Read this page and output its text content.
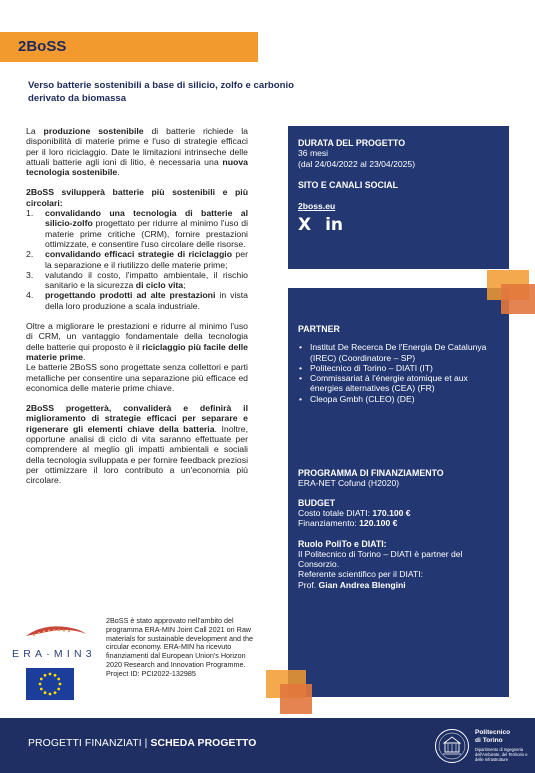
2BoSS
Verso batterie sostenibili a base di silicio, zolfo e carbonio derivato da biomassa

La produzione sostenibile di batterie richiede la disponibilità di materie prime e l'uso di strategie efficaci per il loro riciclaggio. Date le limitazioni intrinseche delle attuali batterie agli ioni di litio, è necessaria una nuova tecnologia sostenibile.

2BoSS svilupperà batterie più sostenibili e più circolari:

1. convalidando una tecnologia di batterie al silicio-zolfo progettato per ridurre al minimo l'uso di materie prime critiche (CRM), fornire prestazioni ottimizzate, e consentire l'uso circolare delle risorse.
2. convalidando efficaci strategie di riciclaggio per la separazione e il riutilizzo delle materie prime;
3. valutando il costo, l'impatto ambientale, il rischio sanitario e la sicurezza di ciclo vita;
4. progettando prodotti ad alte prestazioni in vista della loro produzione a scala industriale.

Oltre a migliorare le prestazioni e ridurre al minimo l'uso di CRM, un vantaggio fondamentale della tecnologia delle batterie qui proposto è il riciclaggio più facile delle materie prime.

Le batterie 2BoSS sono progettate senza collettori e parti metalliche per consentire una separazione più efficace ed economica delle materie prime chiave.

2BoSS progetterà, convaliderà e definirà il miglioramento di strategie efficaci per separare e rigenerare gli elementi chiave della batteria. Inoltre, opportune analisi di ciclo di vita saranno effettuate per comprendere al meglio gli impatti ambientali e sociali della tecnologia sviluppata e per fornire feedback preziosi per ottimizzare il loro contributo a un'economia più circolare.

DURATA DEL PROGETTO
36 mesi
(dal 24/04/2022 al 23/04/2025)
SITO E CANALI SOCIAL
2boss.eu
X in
PARTNER
• Institut De Recerca De l'Energia De Catalunya (IREC) (Coordinatore – SP)
• Politecnico di Torino – DIATI (IT)
• Commissariat à l'énergie atomique et aux énergies alternatives (CEA) (FR)
• Cleopa Gmbh (CLEO) (DE)
PROGRAMMA DI FINANZIAMENTO
ERA-NET Cofund (H2020)
BUDGET
Costo totale DIATI: 170.100 €
Finanziamento: 120.100 €
Ruolo PoliTo e DIATI:
Il Politecnico di Torino – DIATI è partner del Consorzio.
Referente scientifico per il DIATI:
Prof. Gian Andrea Blengini
ERA·MIN3
2BoSS è stato approvato nell'ambito del programma ERA-MIN Joint Call 2021 on Raw materials for sustainable development and the circular economy. ERA-MIN ha ricevuto finanziamenti dal European Union's Horizon 2020 Research and Innovation Programme. Project ID: PCI2022-132985
PROGETTI FINANZIATI | SCHEDA PROGETTO
Politecnico
di Torino
Dipartimento di Ingegneria dell'Ambiente, del Territorio e delle Infrastrutture
